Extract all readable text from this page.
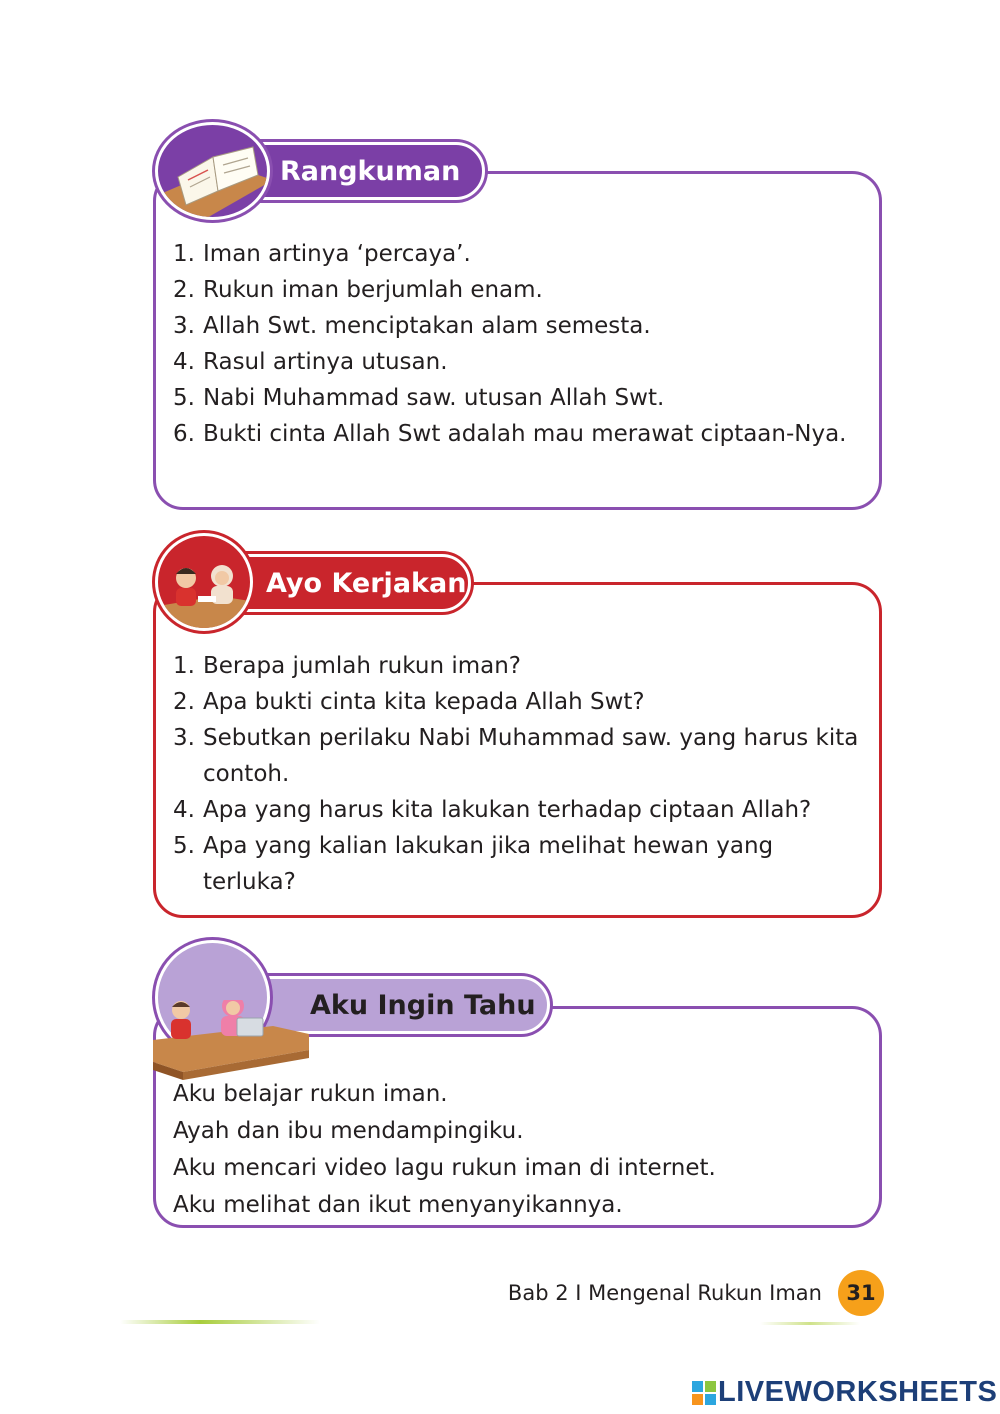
Rangkuman
1. Iman artinya ‘percaya’.
2. Rukun iman berjumlah enam.
3. Allah Swt. menciptakan alam semesta.
4. Rasul artinya utusan.
5. Nabi Muhammad saw. utusan Allah Swt.
6. Bukti cinta Allah Swt adalah mau merawat ciptaan-Nya.
Ayo Kerjakan
1. Berapa jumlah rukun iman?
2. Apa bukti cinta kita kepada Allah Swt?
3. Sebutkan perilaku Nabi Muhammad saw. yang harus kita contoh.
4. Apa yang harus kita lakukan terhadap ciptaan Allah?
5. Apa yang kalian lakukan jika melihat hewan yang terluka?
Aku Ingin Tahu

Aku belajar rukun iman.

Ayah dan ibu mendampingiku.

Aku mencari video lagu rukun iman di internet.

Aku melihat dan ikut menyanyikannya.

Bab 2 I Mengenal Rukun Iman 31
LIVEWORKSHEETS
